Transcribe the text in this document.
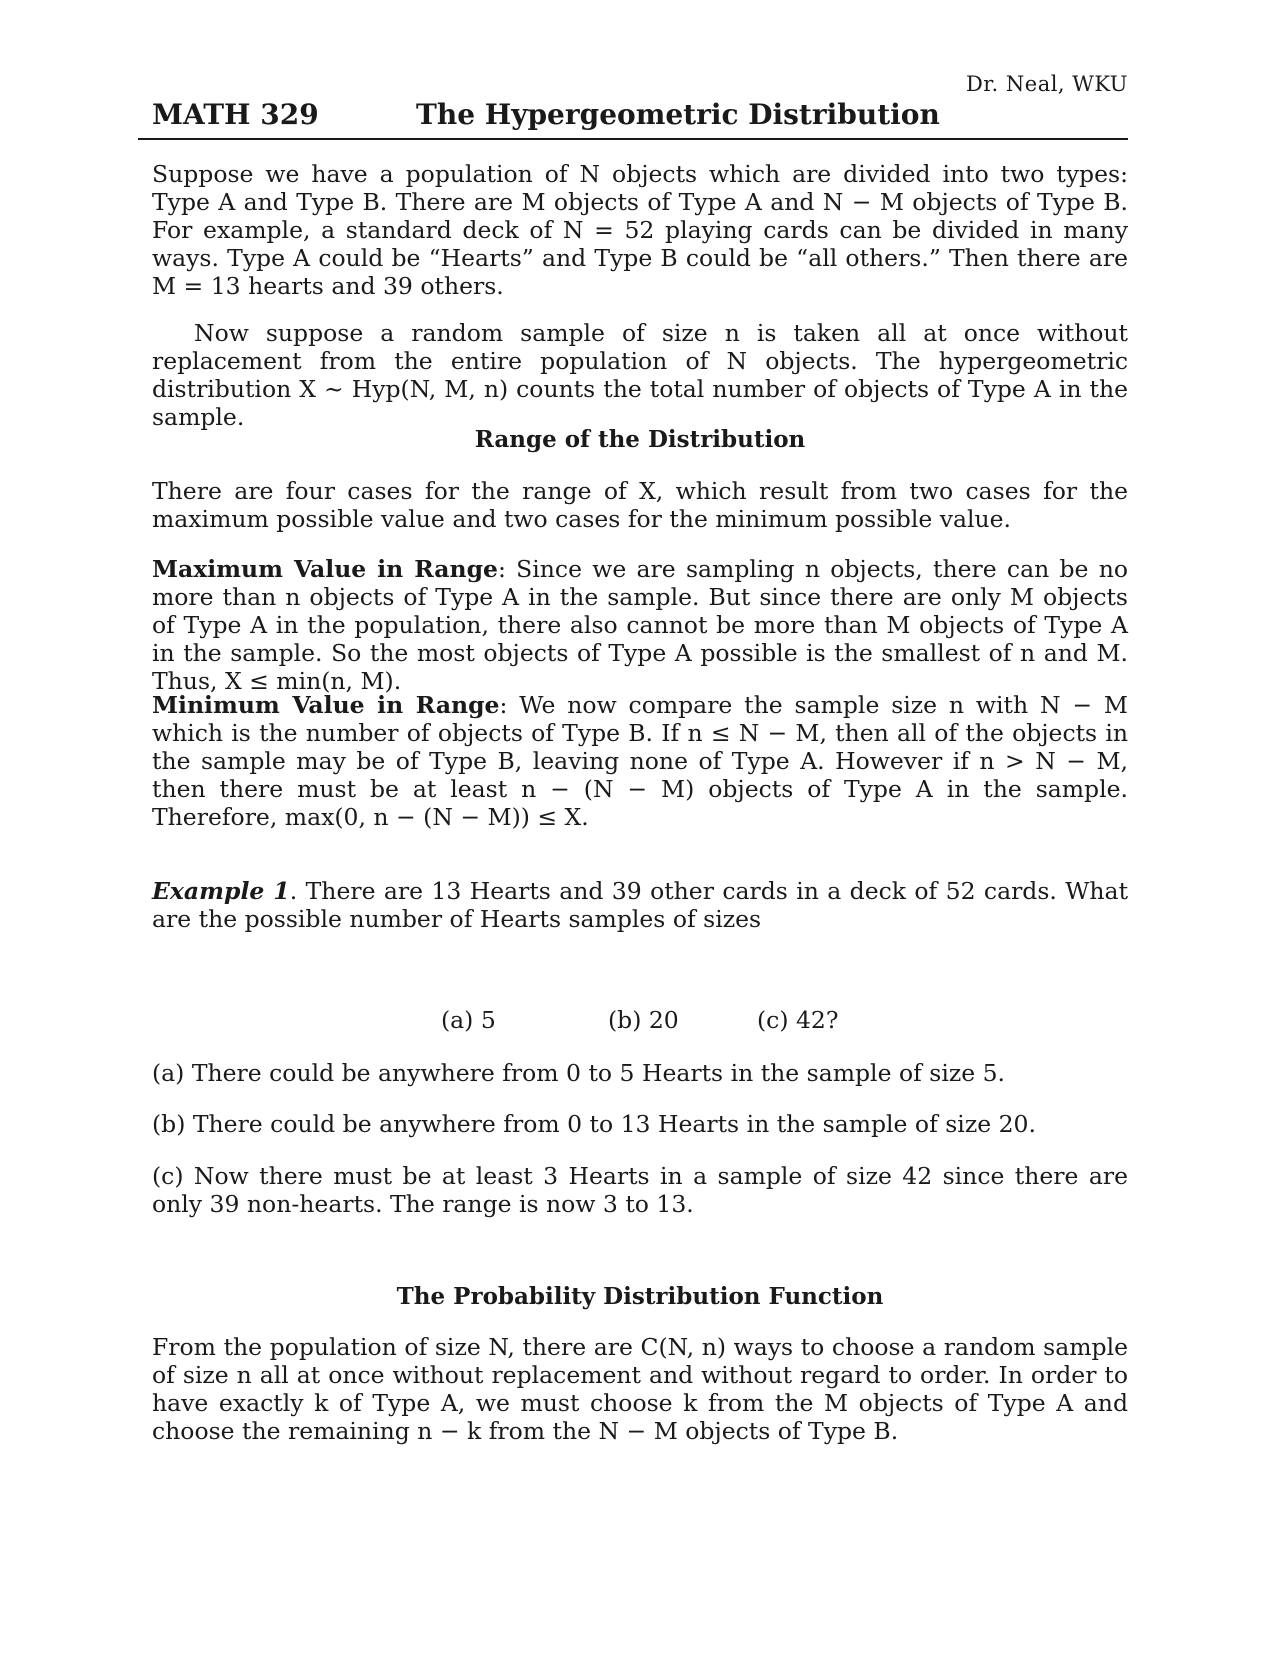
Dr. Neal, WKU
MATH 329	The Hypergeometric Distribution

Suppose we have a population of N objects which are divided into two types: Type A and Type B. There are M objects of Type A and N − M objects of Type B. For example, a standard deck of N = 52 playing cards can be divided in many ways. Type A could be “Hearts” and Type B could be “all others.” Then there are M = 13 hearts and 39 others.

Now suppose a random sample of size n is taken all at once without replacement from the entire population of N objects. The hypergeometric distribution X ~ Hyp(N, M, n) counts the total number of objects of Type A in the sample.

Range of the Distribution

There are four cases for the range of X, which result from two cases for the maximum possible value and two cases for the minimum possible value.

Maximum Value in Range: Since we are sampling n objects, there can be no more than n objects of Type A in the sample. But since there are only M objects of Type A in the population, there also cannot be more than M objects of Type A in the sample. So the most objects of Type A possible is the smallest of n and M. Thus, X ≤ min(n, M).

Minimum Value in Range: We now compare the sample size n with N − M which is the number of objects of Type B. If n ≤ N − M, then all of the objects in the sample may be of Type B, leaving none of Type A. However if n > N − M, then there must be at least n − (N − M) objects of Type A in the sample. Therefore, max(0, n − (N − M)) ≤ X.

Example 1. There are 13 Hearts and 39 other cards in a deck of 52 cards. What are the possible number of Hearts samples of sizes

(a) 5	(b) 20	(c) 42?

(a) There could be anywhere from 0 to 5 Hearts in the sample of size 5.

(b) There could be anywhere from 0 to 13 Hearts in the sample of size 20.

(c) Now there must be at least 3 Hearts in a sample of size 42 since there are only 39 non-hearts. The range is now 3 to 13.

The Probability Distribution Function

From the population of size N, there are C(N, n) ways to choose a random sample of size n all at once without replacement and without regard to order. In order to have exactly k of Type A, we must choose k from the M objects of Type A and choose the remaining n − k from the N − M objects of Type B.
